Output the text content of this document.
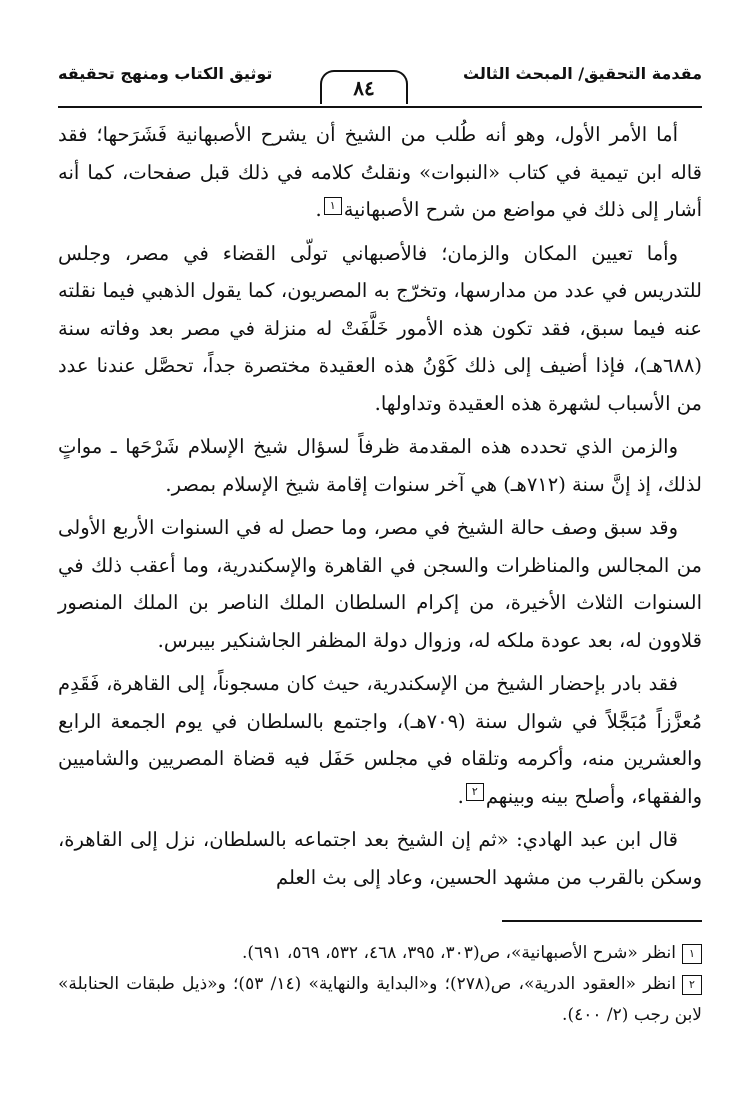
مقدمة التحقيق/ المبحث الثالث
توثيق الكتاب ومنهج تحقيقه
٨٤

أما الأمر الأول، وهو أنه طُلب من الشيخ أن يشرح الأصبهانية فَشَرَحها؛ فقد قاله ابن تيمية في كتاب «النبوات» ونقلتُ كلامه في ذلك قبل صفحات، كما أنه أشار إلى ذلك في مواضع من شرح الأصبهانية١.

وأما تعيين المكان والزمان؛ فالأصبهاني تولّى القضاء في مصر، وجلس للتدريس في عدد من مدارسها، وتخرّج به المصريون، كما يقول الذهبي فيما نقلته عنه فيما سبق، فقد تكون هذه الأمور خَلَّفَتْ له منزلة في مصر بعد وفاته سنة (٦٨٨هـ)، فإذا أضيف إلى ذلك كَوْنُ هذه العقيدة مختصرة جداً، تحصَّل عندنا عدد من الأسباب لشهرة هذه العقيدة وتداولها.

والزمن الذي تحدده هذه المقدمة ظرفاً لسؤال شيخ الإسلام شَرْحَها ـ مواتٍ لذلك، إذ إنَّ سنة (٧١٢هـ) هي آخر سنوات إقامة شيخ الإسلام بمصر.

وقد سبق وصف حالة الشيخ في مصر، وما حصل له في السنوات الأربع الأولى من المجالس والمناظرات والسجن في القاهرة والإسكندرية، وما أعقب ذلك في السنوات الثلاث الأخيرة، من إكرام السلطان الملك الناصر بن الملك المنصور قلاوون له، بعد عودة ملكه له، وزوال دولة المظفر الجاشنكير بيبرس.

فقد بادر بإحضار الشيخ من الإسكندرية، حيث كان مسجوناً، إلى القاهرة، فَقَدِم مُعزَّزاً مُبَجَّلاً في شوال سنة (٧٠٩هـ)، واجتمع بالسلطان في يوم الجمعة الرابع والعشرين منه، وأكرمه وتلقاه في مجلس حَفَل فيه قضاة المصريين والشاميين والفقهاء، وأصلح بينه وبينهم٢.

قال ابن عبد الهادي: «ثم إن الشيخ بعد اجتماعه بالسلطان، نزل إلى القاهرة، وسكن بالقرب من مشهد الحسين، وعاد إلى بث العلم

١انظر «شرح الأصبهانية»، ص(٣٠٣، ٣٩٥، ٤٦٨، ٥٣٢، ٥٦٩، ٦٩١).

٢انظر «العقود الدرية»، ص(٢٧٨)؛ و«البداية والنهاية» (١٤/ ٥٣)؛ و«ذيل طبقات الحنابلة» لابن رجب (٢/ ٤٠٠).
